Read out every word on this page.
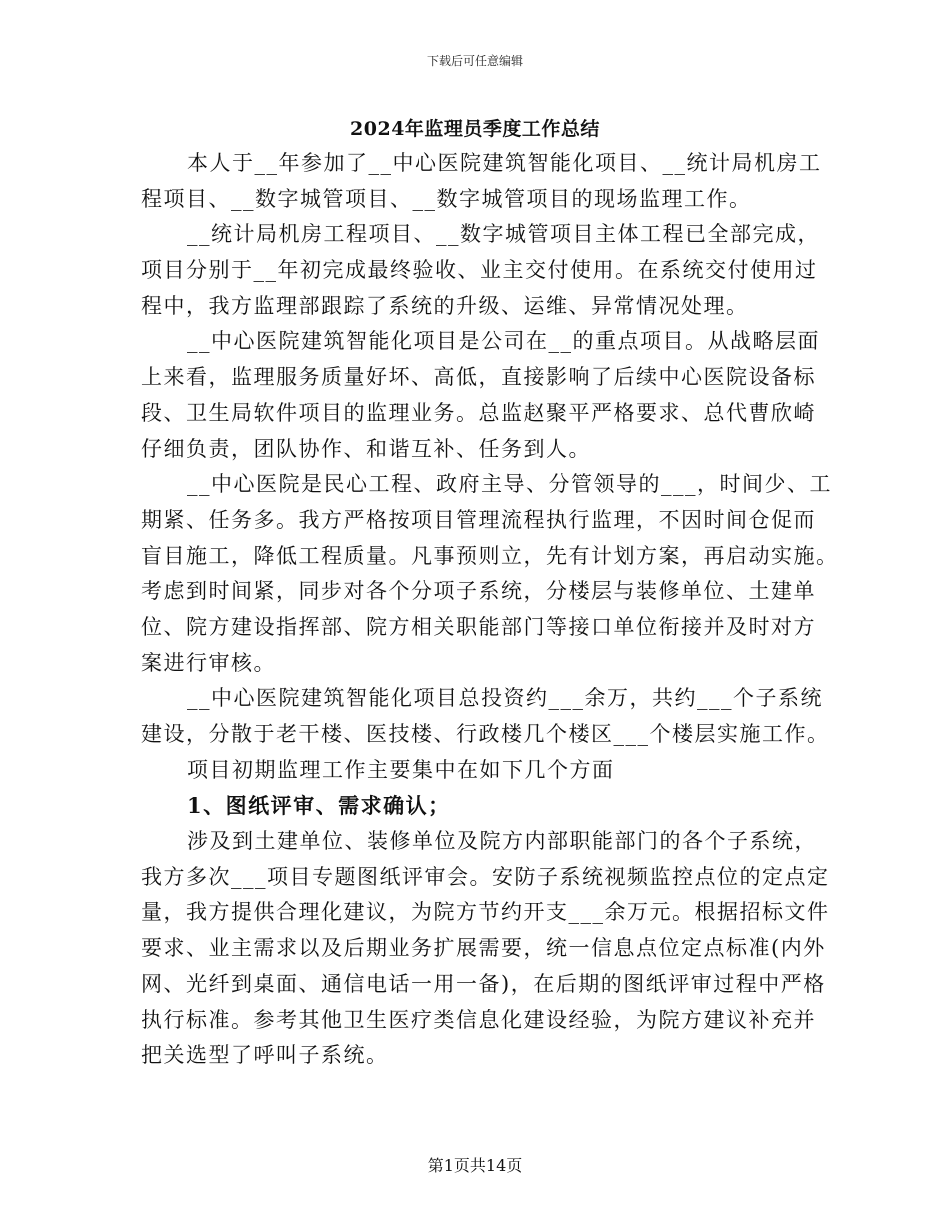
下载后可任意编辑
2024年监理员季度工作总结
本人于__年参加了__中心医院建筑智能化项目、__统计局机房工
程项目、__数字城管项目、__数字城管项目的现场监理工作。
__统计局机房工程项目、__数字城管项目主体工程已全部完成，
项目分别于__年初完成最终验收、业主交付使用。在系统交付使用过
程中，我方监理部跟踪了系统的升级、运维、异常情况处理。
__中心医院建筑智能化项目是公司在__的重点项目。从战略层面
上来看，监理服务质量好坏、高低，直接影响了后续中心医院设备标
段、卫生局软件项目的监理业务。总监赵聚平严格要求、总代曹欣崎
仔细负责，团队协作、和谐互补、任务到人。
__中心医院是民心工程、政府主导、分管领导的___，时间少、工
期紧、任务多。我方严格按项目管理流程执行监理，不因时间仓促而
盲目施工，降低工程质量。凡事预则立，先有计划方案，再启动实施。
考虑到时间紧，同步对各个分项子系统，分楼层与装修单位、土建单
位、院方建设指挥部、院方相关职能部门等接口单位衔接并及时对方
案进行审核。
__中心医院建筑智能化项目总投资约___余万，共约___个子系统
建设，分散于老干楼、医技楼、行政楼几个楼区___个楼层实施工作。
项目初期监理工作主要集中在如下几个方面
1、图纸评审、需求确认；
涉及到土建单位、装修单位及院方内部职能部门的各个子系统，
我方多次___项目专题图纸评审会。安防子系统视频监控点位的定点定
量，我方提供合理化建议，为院方节约开支___余万元。根据招标文件
要求、业主需求以及后期业务扩展需要，统一信息点位定点标准(内外
网、光纤到桌面、通信电话一用一备)，在后期的图纸评审过程中严格
执行标准。参考其他卫生医疗类信息化建设经验，为院方建议补充并
把关选型了呼叫子系统。
第1页共14页
